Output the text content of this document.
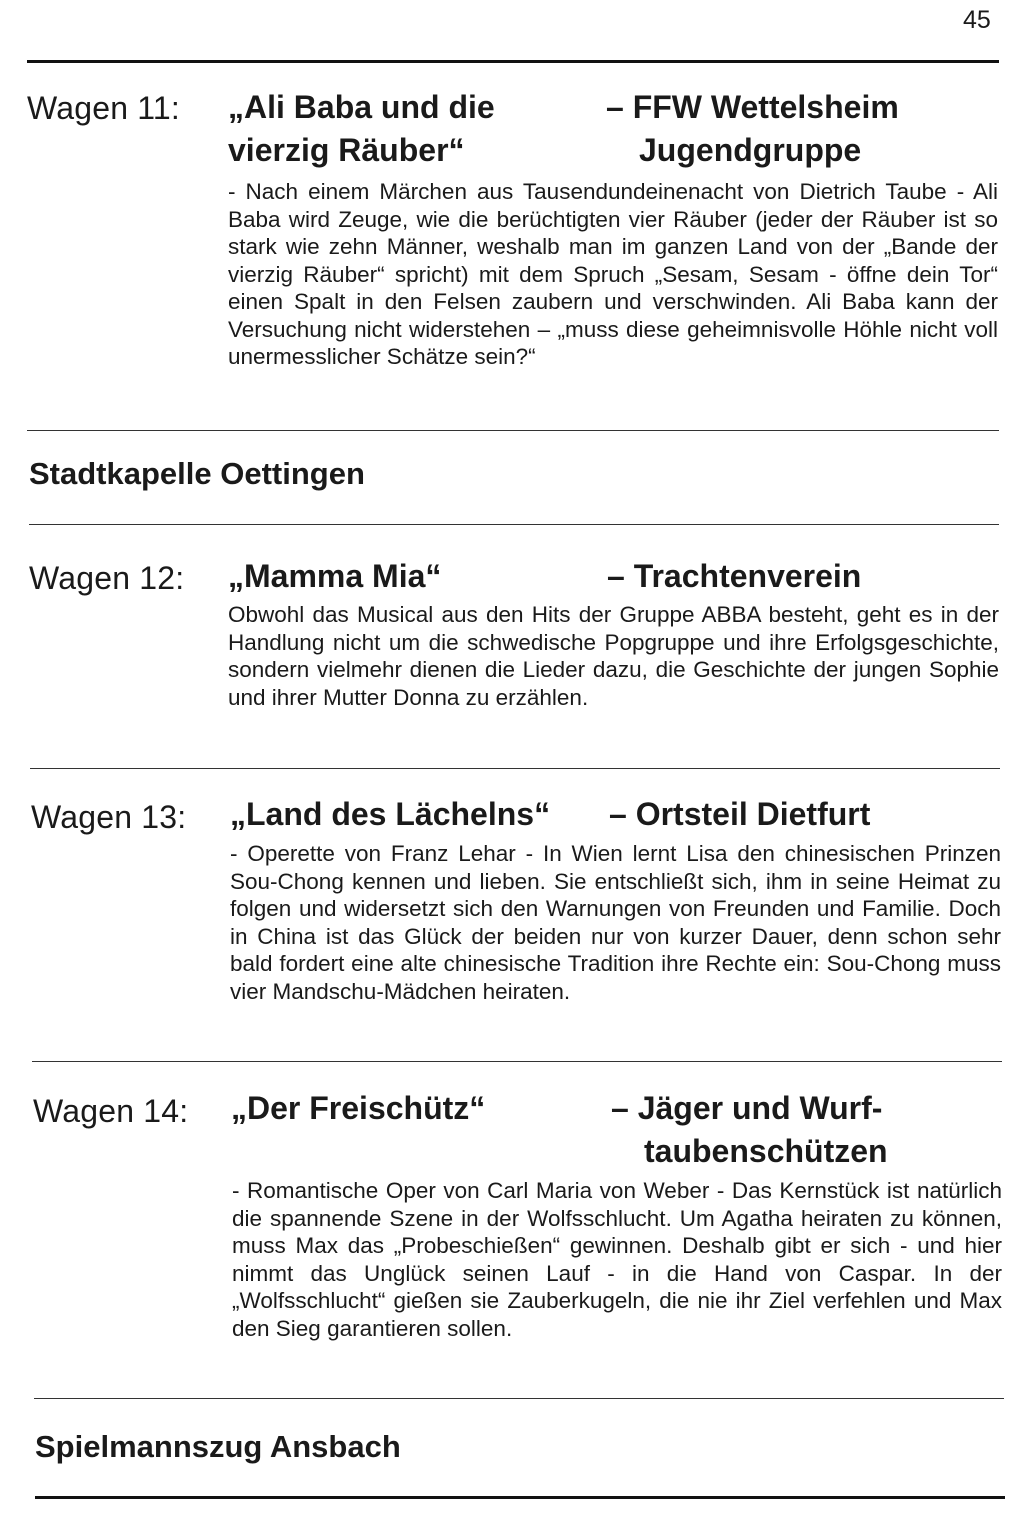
45
Wagen 11: „Ali Baba und die
vierzig Räuber“
– FFW Wettelsheim
Jugendgruppe

- Nach einem Märchen aus Tausendundeinenacht von Dietrich Taube - Ali Baba wird Zeuge, wie die berüchtigten vier Räuber (jeder der Räuber ist so stark wie zehn Männer, weshalb man im ganzen Land von der „Bande der vierzig Räuber“ spricht) mit dem Spruch „Sesam, Sesam - öffne dein Tor“ einen Spalt in den Felsen zaubern und verschwinden. Ali Baba kann der Versuchung nicht widerstehen – „muss diese geheimnisvolle Höhle nicht voll unermesslicher Schätze sein?“

Stadtkapelle Oettingen
Wagen 12: „Mamma Mia“	– Trachtenverein

Obwohl das Musical aus den Hits der Gruppe ABBA besteht, geht es in der Handlung nicht um die schwedische Popgruppe und ihre Erfolgsgeschichte, sondern vielmehr dienen die Lieder dazu, die Geschichte der jungen Sophie und ihrer Mutter Donna zu erzählen.

Wagen 13: „Land des Lächelns“ – Ortsteil Dietfurt

- Operette von Franz Lehar - In Wien lernt Lisa den chinesischen Prinzen Sou-Chong kennen und lieben. Sie entschließt sich, ihm in seine Heimat zu folgen und widersetzt sich den Warnungen von Freunden und Familie. Doch in China ist das Glück der beiden nur von kurzer Dauer, denn schon sehr bald fordert eine alte chinesische Tradition ihre Rechte ein: Sou-Chong muss vier Mandschu-Mädchen heiraten.

Wagen 14: „Der Freischütz“	– Jäger und Wurf-
taubenschützen

- Romantische Oper von Carl Maria von Weber - Das Kernstück ist natürlich die spannende Szene in der Wolfsschlucht. Um Agatha heiraten zu können, muss Max das „Probeschießen“ gewinnen. Deshalb gibt er sich - und hier nimmt das Unglück seinen Lauf - in die Hand von Caspar. In der „Wolfsschlucht“ gießen sie Zauberkugeln, die nie ihr Ziel verfehlen und Max den Sieg garantieren sollen.

Spielmannszug Ansbach
